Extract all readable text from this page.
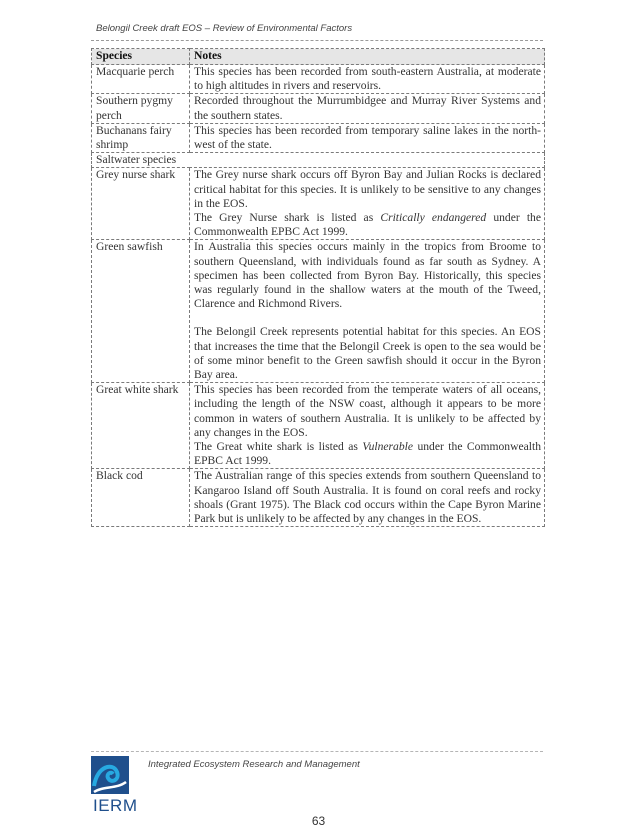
Belongil Creek draft EOS – Review of Environmental Factors
Species	Notes
Macquarie perch	This species has been recorded from south-eastern Australia, at moderate to high altitudes in rivers and reservoirs.

Southern pygmy perch	Recorded throughout the Murrumbidgee and Murray River Systems and the southern states.

Buchanans fairy shrimp	This species has been recorded from temporary saline lakes in the north-west of the state.

Saltwater species	
Grey nurse shark	The Grey nurse shark occurs off Byron Bay and Julian Rocks is declared critical habitat for this species. It is unlikely to be sensitive to any changes in the EOS.

The Grey Nurse shark is listed as Critically endangered under the Commonwealth EPBC Act 1999.

Green sawfish	In Australia this species occurs mainly in the tropics from Broome to southern Queensland, with individuals found as far south as Sydney. A specimen has been collected from Byron Bay. Historically, this species was regularly found in the shallow waters at the mouth of the Tweed, Clarence and Richmond Rivers.

The Belongil Creek represents potential habitat for this species. An EOS that increases the time that the Belongil Creek is open to the sea would be of some minor benefit to the Green sawfish should it occur in the Byron Bay area.

Great white shark	This species has been recorded from the temperate waters of all oceans, including the length of the NSW coast, although it appears to be more common in waters of southern Australia. It is unlikely to be affected by any changes in the EOS.

The Great white shark is listed as Vulnerable under the Commonwealth EPBC Act 1999.

Black cod	The Australian range of this species extends from southern Queensland to Kangaroo Island off South Australia. It is found on coral reefs and rocky shoals (Grant 1975). The Black cod occurs within the Cape Byron Marine Park but is unlikely to be affected by any changes in the EOS.

IERM
Integrated Ecosystem Research and Management
63
